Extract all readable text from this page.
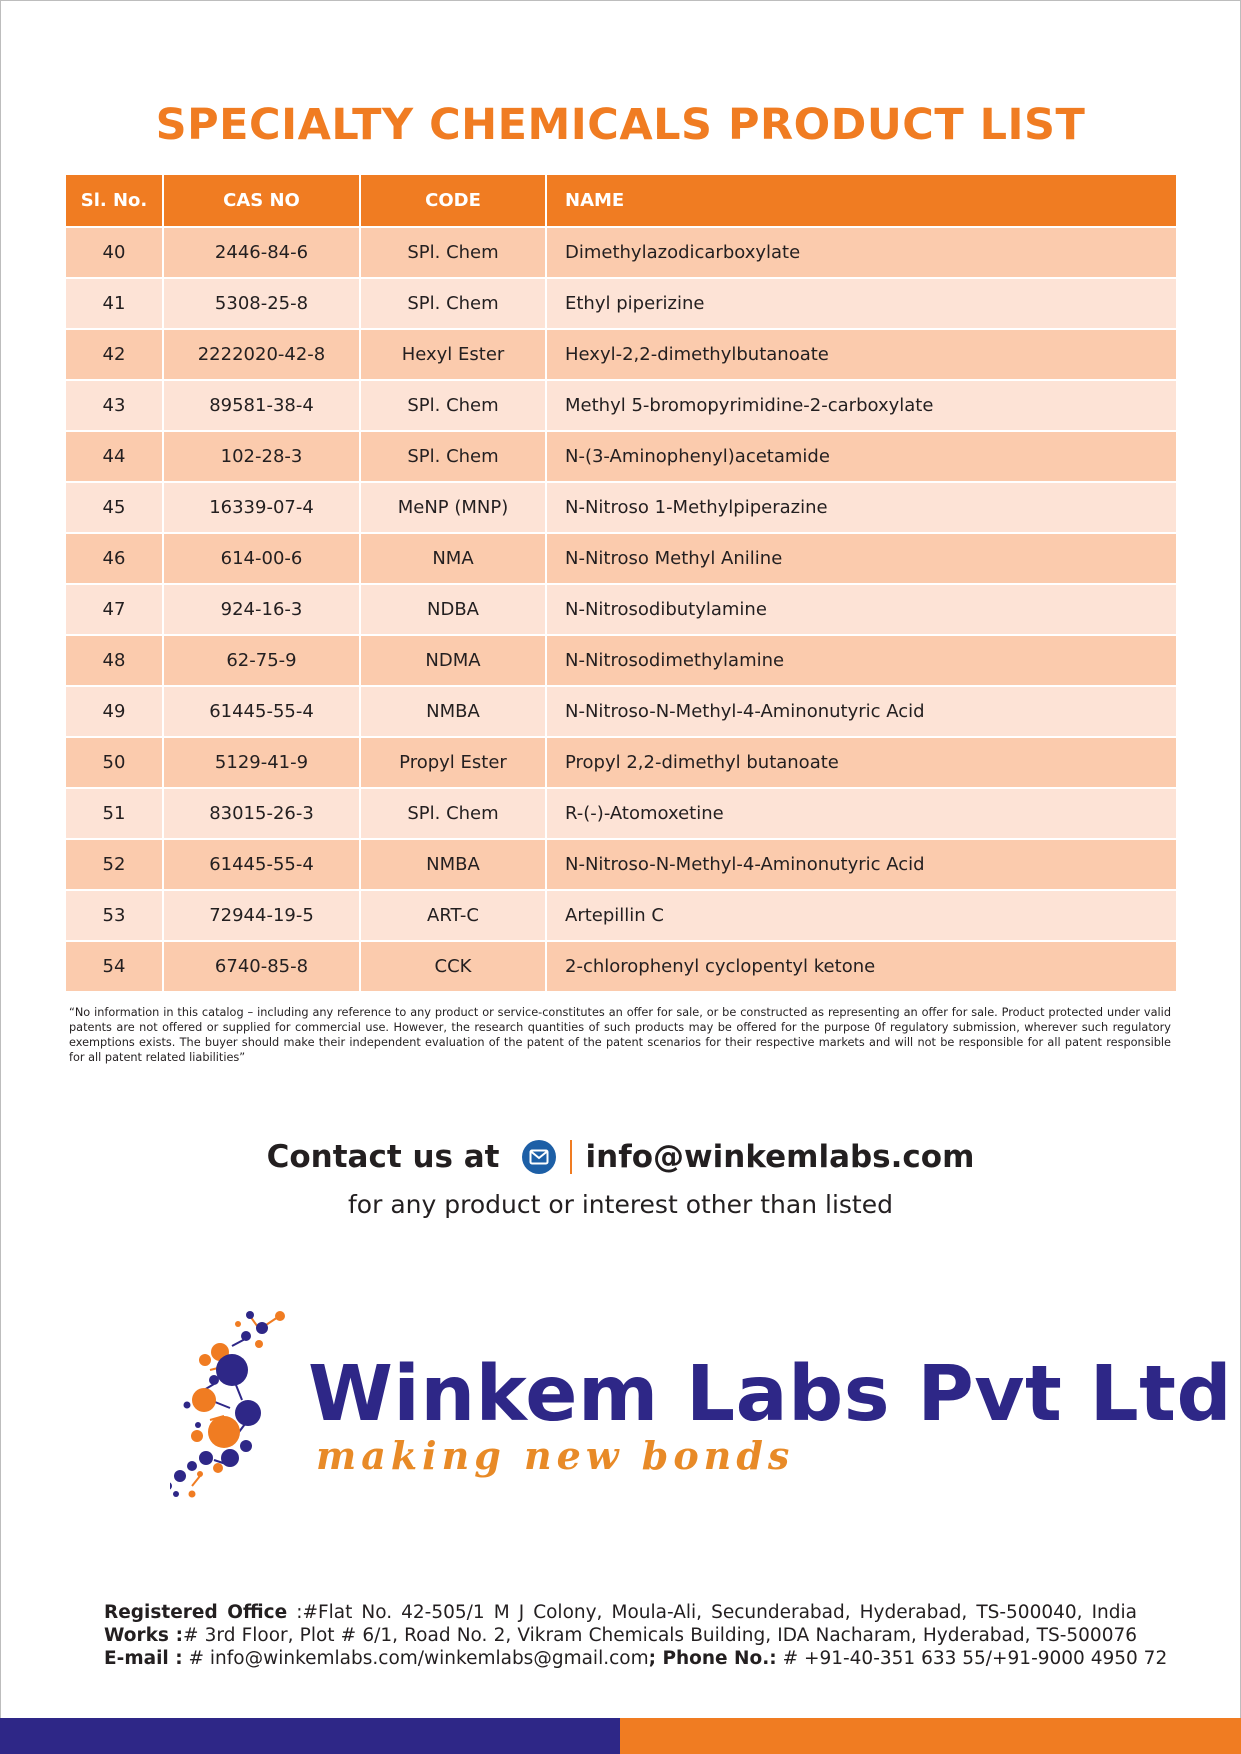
SPECIALTY CHEMICALS PRODUCT LIST
Sl. No.	CAS NO	CODE	NAME
40	2446-84-6	SPl. Chem	Dimethylazodicarboxylate
41	5308-25-8	SPl. Chem	Ethyl piperizine
42	2222020-42-8	Hexyl Ester	Hexyl-2,2-dimethylbutanoate
43	89581-38-4	SPl. Chem	Methyl 5-bromopyrimidine-2-carboxylate
44	102-28-3	SPl. Chem	N-(3-Aminophenyl)acetamide
45	16339-07-4	MeNP (MNP)	N-Nitroso 1-Methylpiperazine
46	614-00-6	NMA	N-Nitroso Methyl Aniline
47	924-16-3	NDBA	N-Nitrosodibutylamine
48	62-75-9	NDMA	N-Nitrosodimethylamine
49	61445-55-4	NMBA	N-Nitroso-N-Methyl-4-Aminonutyric Acid
50	5129-41-9	Propyl Ester	Propyl 2,2-dimethyl butanoate
51	83015-26-3	SPl. Chem	R-(-)-Atomoxetine
52	61445-55-4	NMBA	N-Nitroso-N-Methyl-4-Aminonutyric Acid
53	72944-19-5	ART-C	Artepillin C
54	6740-85-8	CCK	2-chlorophenyl cyclopentyl ketone

“No information in this catalog – including any reference to any product or service-constitutes an offer for sale, or be constructed as representing an offer for sale. Product protected under valid patents are not offered or supplied for commercial use. However, the research quantities of such products may be offered for the purpose 0f regulatory submission, wherever such regulatory exemptions exists. The buyer should make their independent evaluation of the patent of the patent scenarios for their respective markets and will not be responsible for all patent responsible for all patent related liabilities”

Contact us at	info@winkemlabs.com
for any product or interest other than listed
Winkem Labs Pvt Ltd
making new bonds
Registered Office :#Flat No. 42-505/1 M J Colony, Moula-Ali, Secunderabad, Hyderabad, TS-500040, India
Works :# 3rd Floor, Plot # 6/1, Road No. 2, Vikram Chemicals Building, IDA Nacharam, Hyderabad, TS-500076
E-mail : # info@winkemlabs.com/winkemlabs@gmail.com; Phone No.: # +91-40-351 633 55/+91-9000 4950 72
